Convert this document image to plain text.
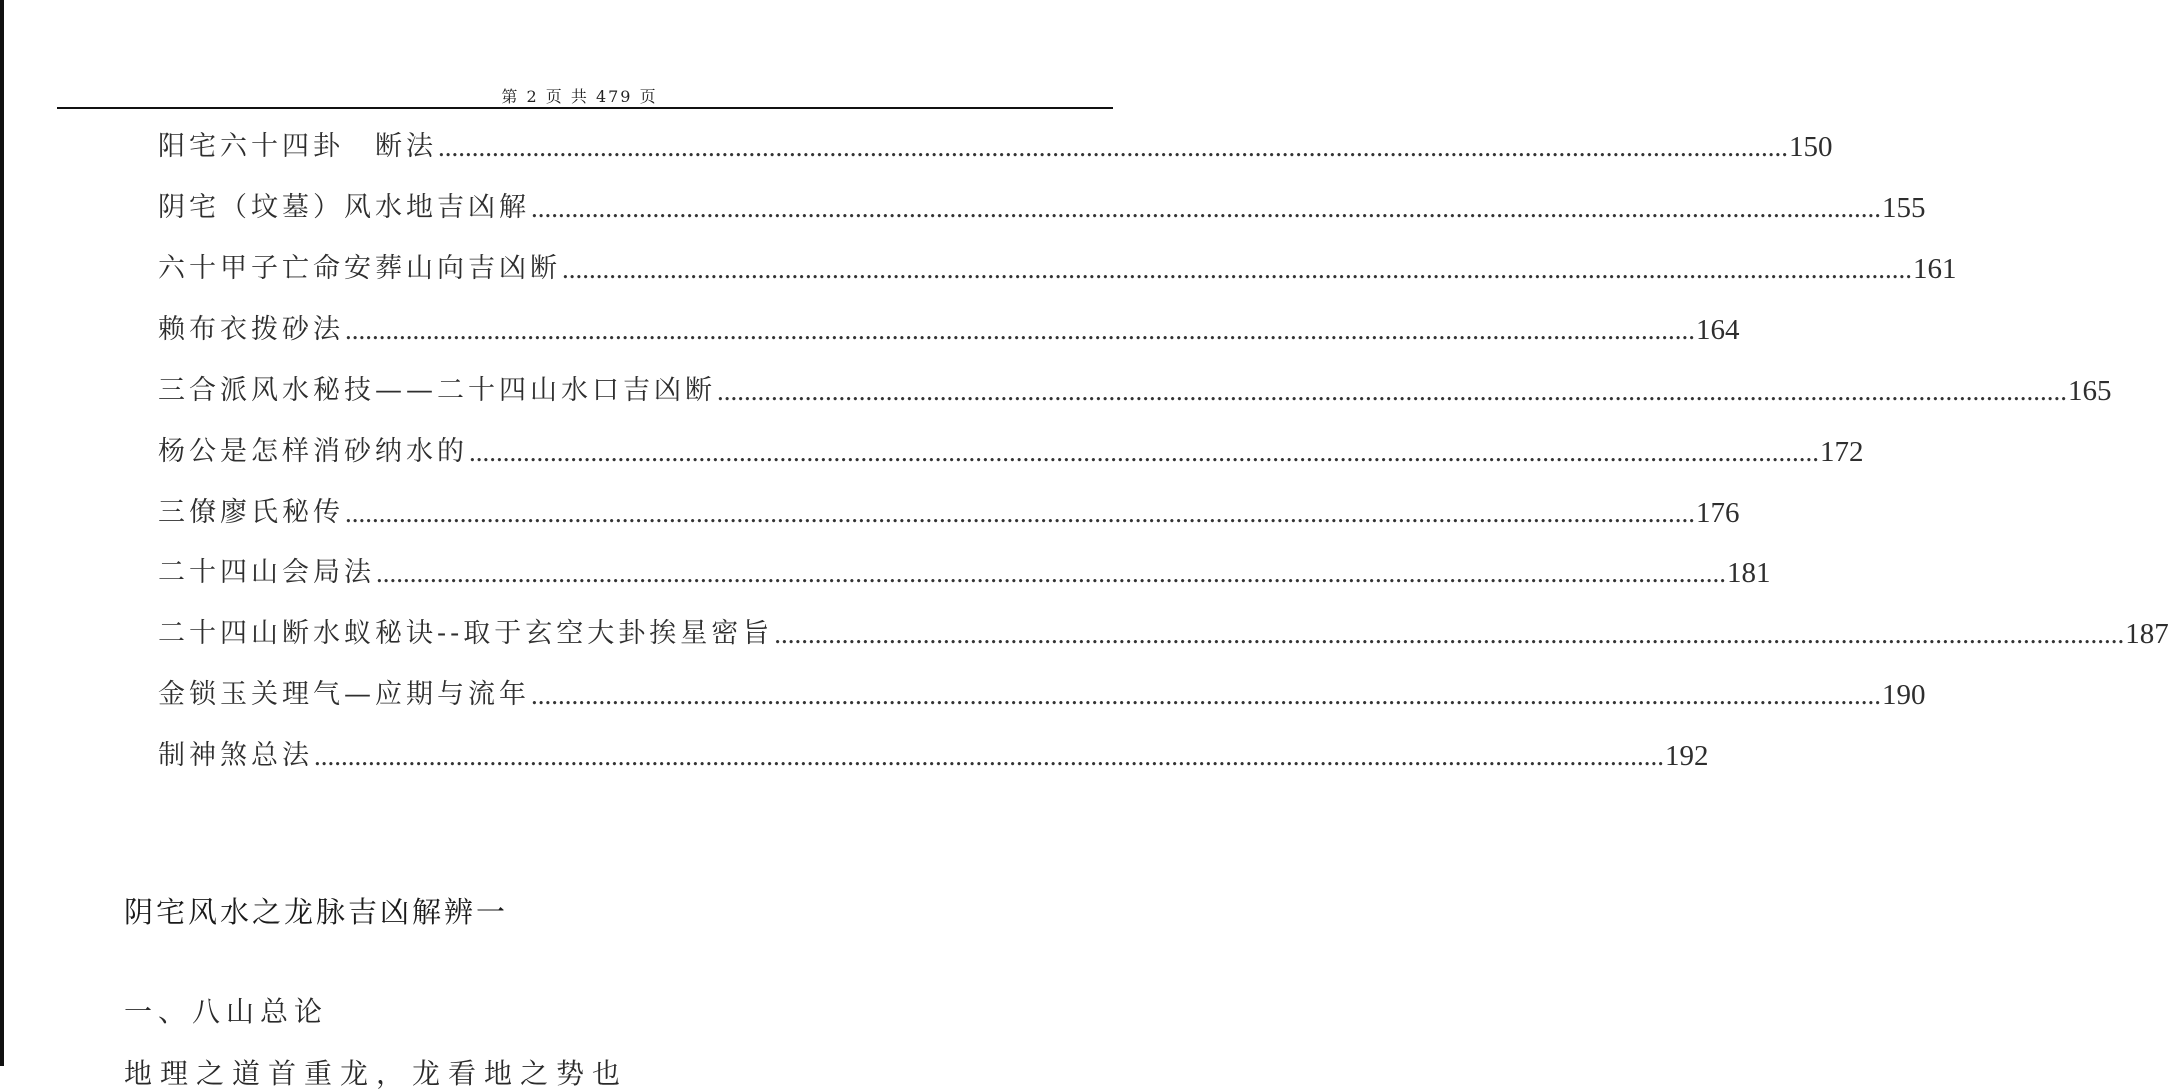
第 2 页 共 479 页
阳宅六十四卦　断法 ........................................................................................................................................................................................................ 150
阴宅（坟墓）风水地吉凶解 ........................................................................................................................................................................................................ 155
六十甲子亡命安葬山向吉凶断 ........................................................................................................................................................................................................ 161
赖布衣拨砂法 ........................................................................................................................................................................................................ 164
三合派风水秘技——二十四山水口吉凶断 ........................................................................................................................................................................................................ 165
杨公是怎样消砂纳水的 ........................................................................................................................................................................................................ 172
三僚廖氏秘传 ........................................................................................................................................................................................................ 176
二十四山会局法 ........................................................................................................................................................................................................ 181
二十四山断水蚁秘诀--取于玄空大卦挨星密旨 ........................................................................................................................................................................................................ 187
金锁玉关理气—应期与流年 ........................................................................................................................................................................................................ 190
制神煞总法 ........................................................................................................................................................................................................ 192
阴宅风水之龙脉吉凶解辨一
一、八山总论
地理之道首重龙，龙看地之势也
